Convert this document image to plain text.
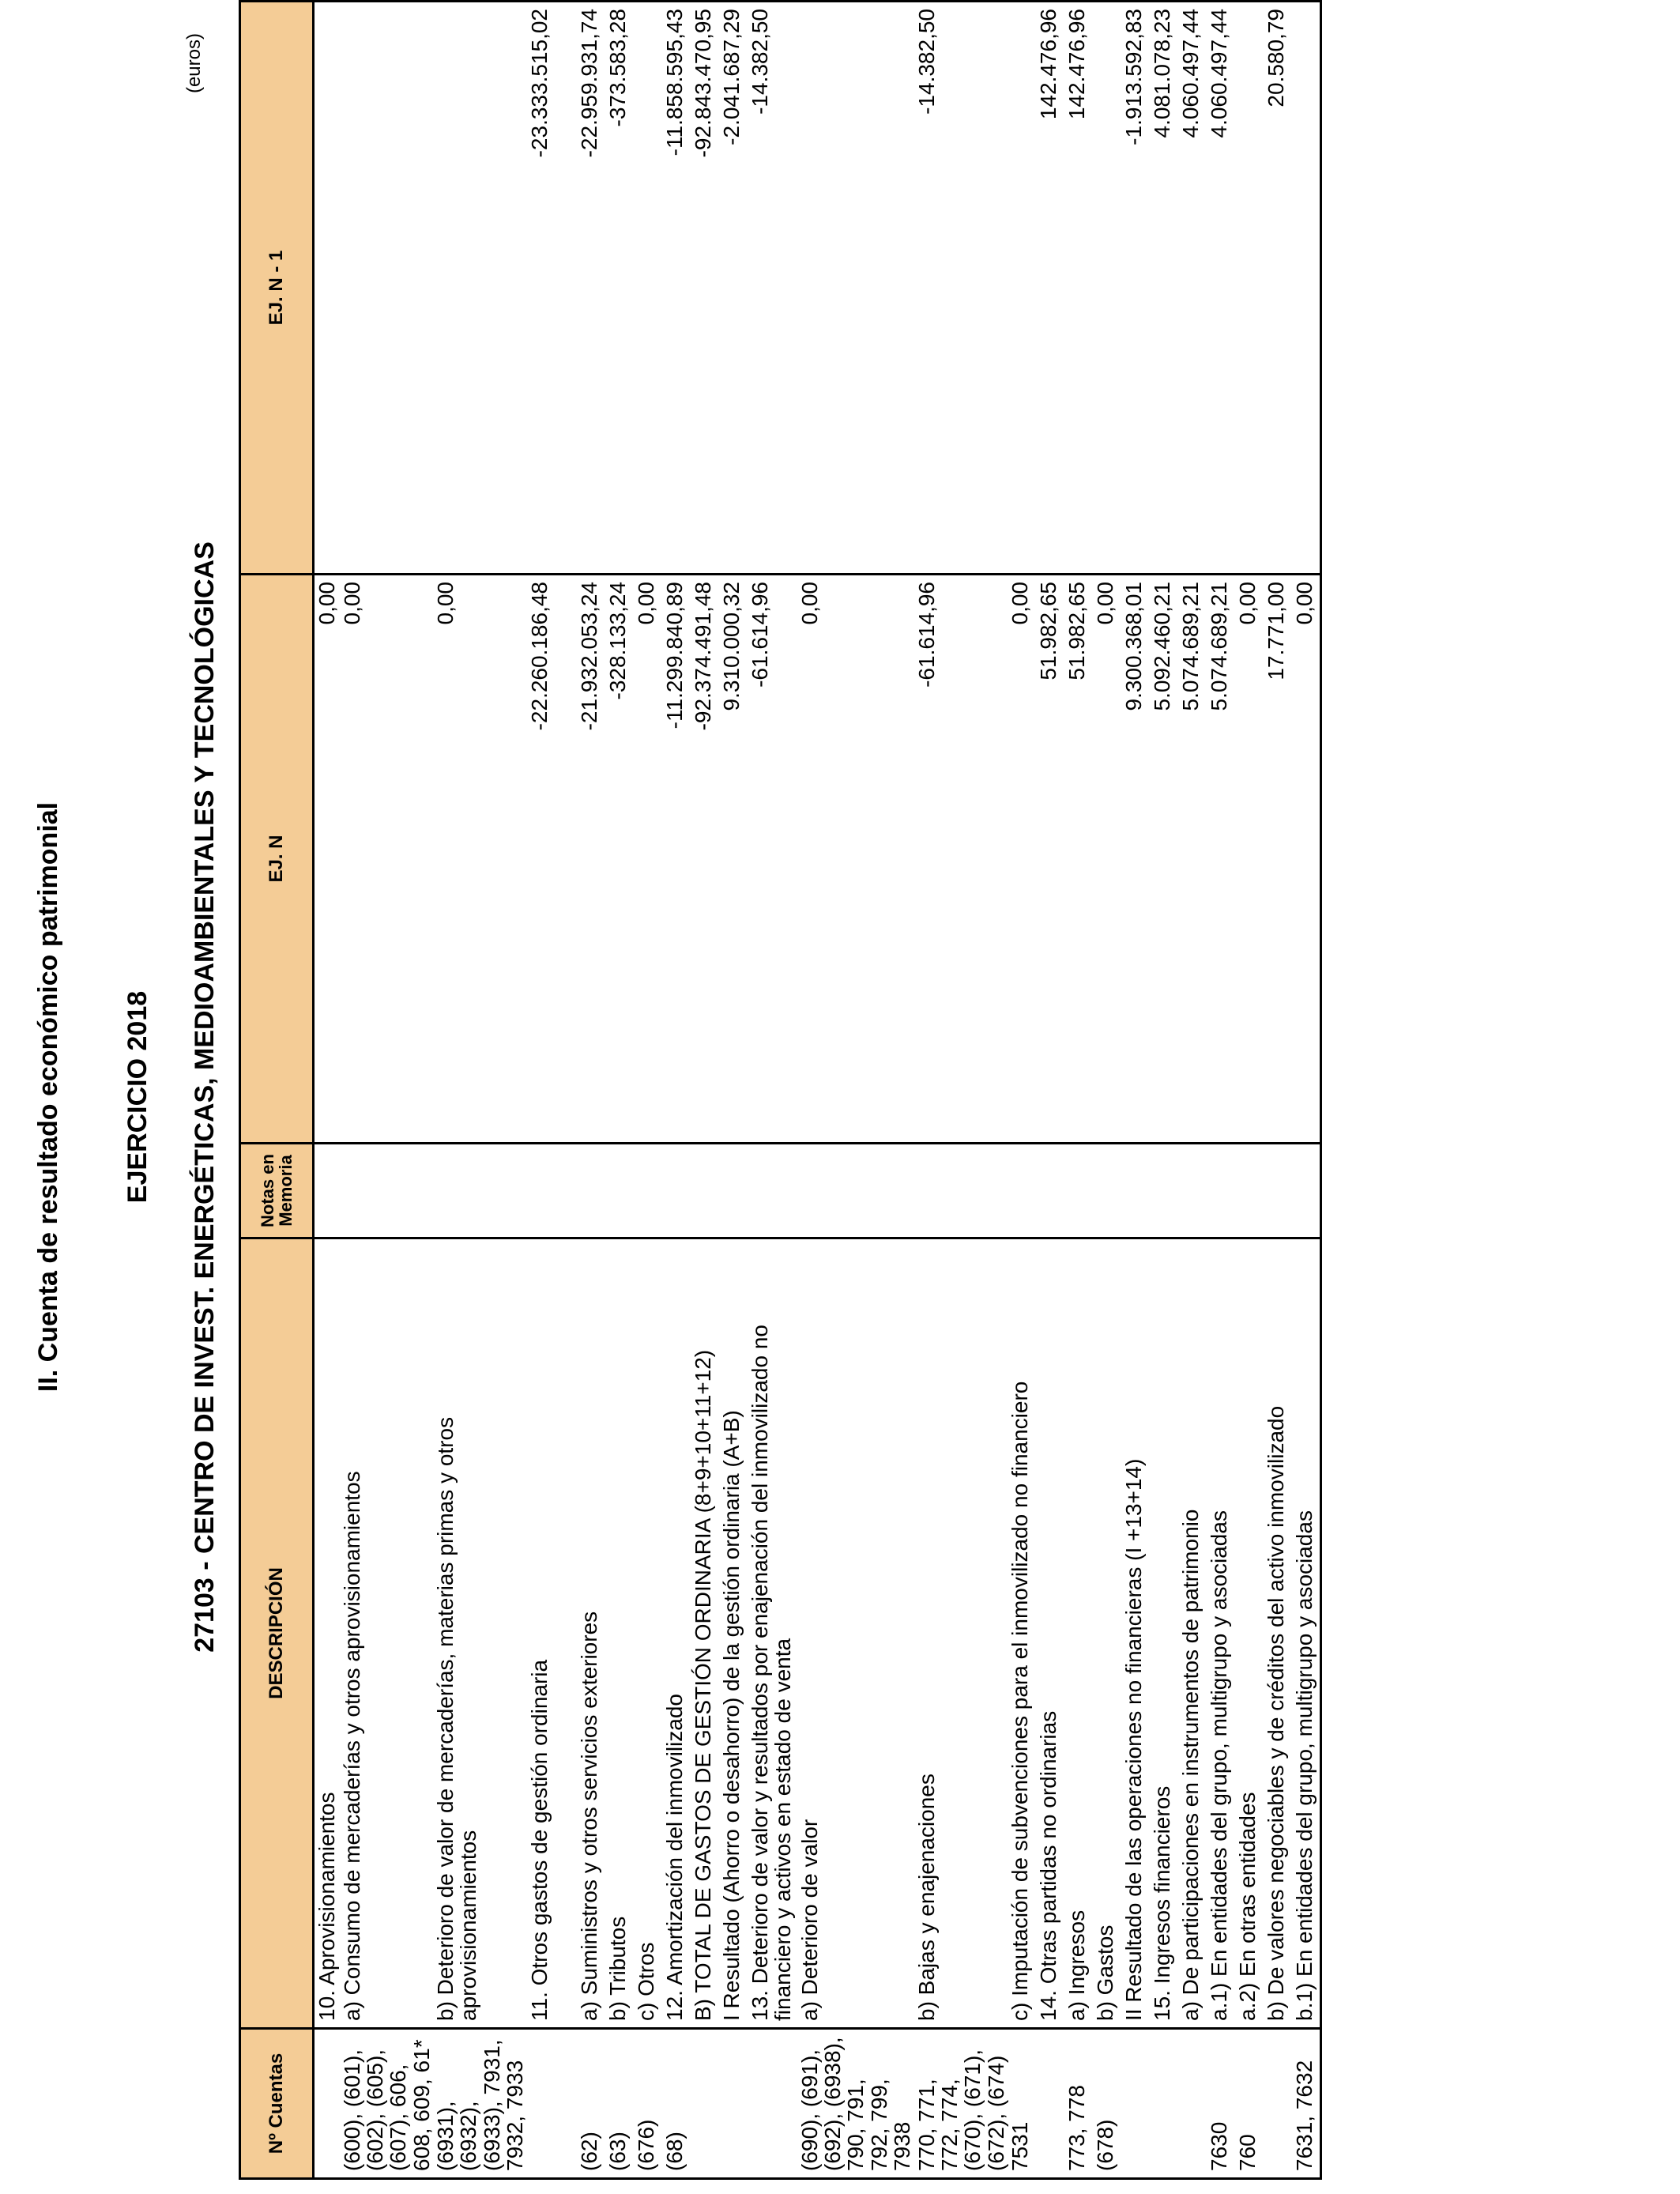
II. Cuenta de resultado económico patrimonial EJERCICIO 2018 27103 - CENTRO DE INVEST. ENERGÉTICAS, MEDIOAMBIENTALES Y TECNOLÓGICAS
(euros)
Nº Cuentas	DESCRIPCIÓN	Notas en Memoria	EJ. N	EJ. N - 1
	10. Aprovisionamientos		0,00	
(600), (601), (602), (605), (607), 606, 608, 609, 61*	a) Consumo de mercaderías y otros aprovisionamientos		0,00	
(6931), (6932), (6933), 7931, 7932, 7933	b) Deterioro de valor de mercaderías, materias primas y otros aprovisionamientos		0,00	
	11. Otros gastos de gestión ordinaria		-22.260.186,48	-23.333.515,02
(62)	a) Suministros y otros servicios exteriores		-21.932.053,24	-22.959.931,74
(63)	b) Tributos		-328.133,24	-373.583,28
(676)	c) Otros		0,00	
(68)	12. Amortización del inmovilizado		-11.299.840,89	-11.858.595,43
	B) TOTAL DE GASTOS DE GESTIÓN ORDINARIA (8+9+10+11+12)		-92.374.491,48	-92.843.470,95
	I Resultado (Ahorro o desahorro) de la gestión ordinaria (A+B)		9.310.000,32	-2.041.687,29
	13. Deterioro de valor y resultados por enajenación del inmovilizado no financiero y activos en estado de venta		-61.614,96	-14.382,50
(690), (691), (692), (6938), 790, 791, 792, 799, 7938	a) Deterioro de valor		0,00	
770, 771, 772, 774, (670), (671), (672), (674)	b) Bajas y enajenaciones		-61.614,96	-14.382,50
7531	c) Imputación de subvenciones para el inmovilizado no financiero		0,00	
	14. Otras partidas no ordinarias		51.982,65	142.476,96
773, 778	a) Ingresos		51.982,65	142.476,96
(678)	b) Gastos		0,00	
	II Resultado de las operaciones no financieras (I +13+14)		9.300.368,01	-1.913.592,83
	15. Ingresos financieros		5.092.460,21	4.081.078,23
	a) De participaciones en instrumentos de patrimonio		5.074.689,21	4.060.497,44
7630	a.1) En entidades del grupo, multigrupo y asociadas		5.074.689,21	4.060.497,44
760	a.2) En otras entidades		0,00	
	b) De valores negociables y de créditos del activo inmovilizado		17.771,00	20.580,79
7631, 7632	b.1) En entidades del grupo, multigrupo y asociadas		0,00	
